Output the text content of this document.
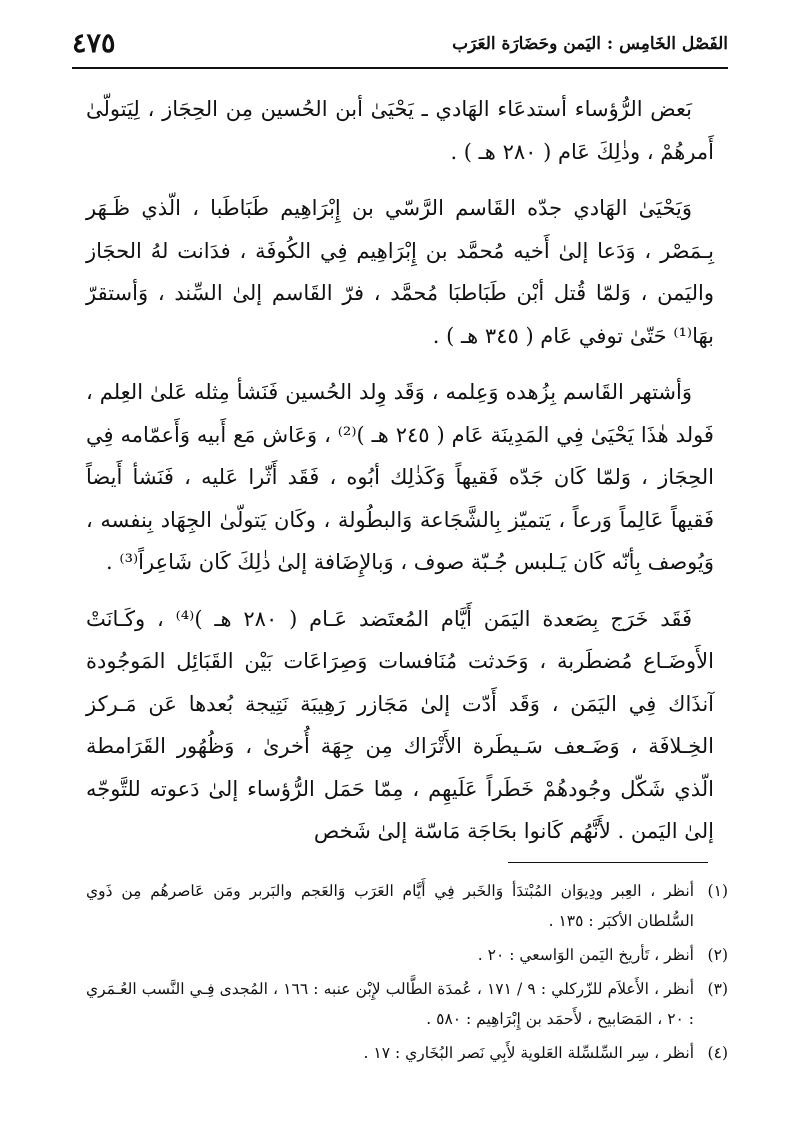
الفَصْل الخَامِس : اليَمن وحَضَارَة العَرَب
٤٧٥

بَعض الرُّؤساء أستدعَاء الهَادي ـ يَحْيَىٰ أبن الحُسين مِن الحِجَاز ، لِيَتولّىٰ أَمرهُمْ ، وذٰلِكَ عَام ( ٢٨٠ هـ ) .

وَيَحْيَىٰ الهَادي جدّه القَاسم الرَّسّي بن إِبْرَاهِيم طَبَاطَبا ، الّذي ظَـهَر بِـمَصْر ، وَدَعا إلىٰ أَخيه مُحمَّد بن إِبْرَاهِيم فِي الكُوفَة ، فدَانت لهُ الحجَاز واليَمن ، وَلمّا قُتل أبْن طَبَاطبَا مُحمَّد ، فرّ القَاسم إلىٰ السِّند ، وَأستقرّ بهَا⁽¹⁾ حَتّىٰ توفي عَام ( ٣٤٥ هـ ) .

وَأشتهر القَاسم بِزُهده وَعِلمه ، وَقَد وِلد الحُسين فَنَشأ مِثله عَلىٰ العِلم ، فَولد هٰذَا يَحْيَىٰ فِي المَدِينَة عَام ( ٢٤٥ هـ )⁽²⁾ ، وَعَاش مَع أَبيه وَأَعمّامه فِي الحِجَاز ، وَلمّا كَان جَدّه فَقيهاً وَكَذٰلِك أبُوه ، فَقَد أَثّرا عَليه ، فَنَشأ أَيضاً فَقيهاً عَالِماً وَرعاً ، يَتميّز بِالشَّجَاعة وَالبطُولة ، وكَان يَتولّىٰ الجِهَاد بِنفسه ، وَيُوصف بِأنّه كَان يَـلبس جُـبّة صوف ، وَبالإِضَافة إلىٰ ذٰلِكَ كَان شَاعِراً⁽³⁾ .

فَقَد خَرَج بِصَعدة اليَمَن أَيَّام المُعتَضد عَـام ( ٢٨٠ هـ )⁽⁴⁾ ، وكَـانَتْ الأَوضَـاع مُضطَربة ، وَحَدثت مُنَافسات وَصِرَاعَات بَيْن القَبَائِل المَوجُودة آنذَاك فِي اليَمَن ، وَقَد أَدّت إلىٰ مَجَازر رَهِيبَة نَتِيجة بُعدها عَن مَـركز الخِـلافَة ، وَضَـعف سَـيطَرة الأَتْرَاك مِن جِهَة أُخرىٰ ، وَظُهُور القَرَامطة الّذي شَكّل وجُودهُمْ خَطَراً عَلَيهِم ، مِمّا حَمَل الرُّؤساء إلىٰ دَعوته للتَّوجّه إلىٰ اليَمن . لأَنَّهُم كَانوا بحَاجَة مَاسّة إلىٰ شَخص

(١)
أنظر ، العِبر ودِيوَان المُبْتدَأ وَالخَبر فِي أَيَّام العَرَب وَالعَجم والبَربر ومَن عَاصرهُم مِن ذَوي السُّلطان الأكبَر : ١٣٥ .
(٢)
أنظر ، تَأريخ اليَمن الوَاسعي : ٢٠ .
(٣)
أنظر ، الأَعلاَم للزّركلي : ٩ / ١٧١ ، عُمدَة الطَّالب لإِبْن عنبه : ١٦٦ ، المُجدى فِـي النَّسب العُـمَري : ٢٠ ، المَصَابيح ، لأَحمَد بن إِبْرَاهِيم : ٥٨٠ .
(٤)
أنظر ، سِر السِّلسِّلة العَلوية لأَبِي نَصر البُخَاري : ١٧ .
